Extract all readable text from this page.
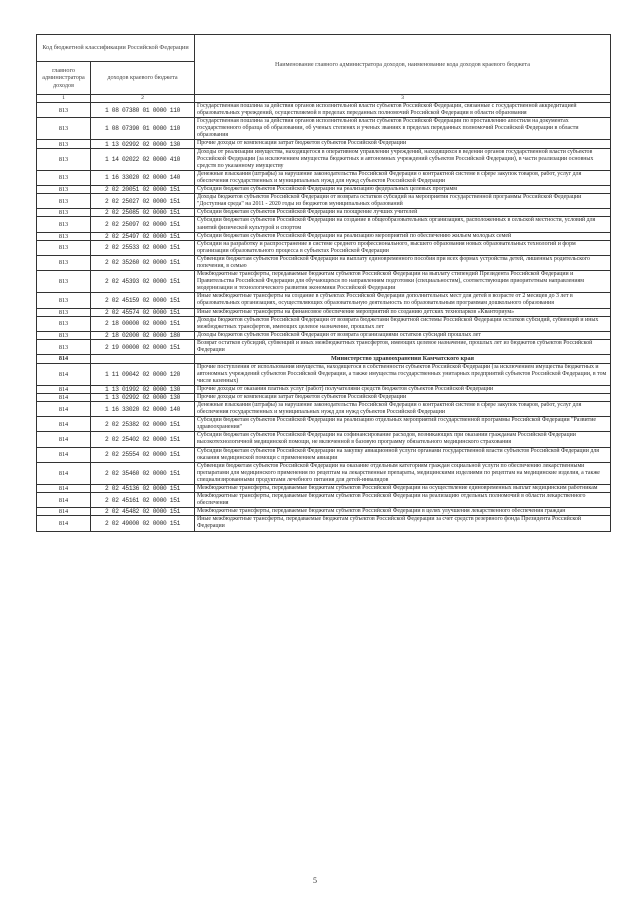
Код бюджетной классификации Российской Федерации		Наименование главного администратора доходов, наименование кода доходов краевого бюджета
главного администратора доходов	доходов краевого бюджета	
1	2	3
813	1 08 07380 01 0000 110	Государственная пошлина за действия органов исполнительной власти субъектов Российской Федерации, связанные с государственной аккредитацией образовательных учреждений, осуществляемой в пределах переданных полномочий Российской Федерации в области образования
813	1 08 07390 01 0000 110	Государственная пошлина за действия органов исполнительной власти субъектов Российской Федерации по проставлению апостиля на документах государственного образца об образовании, об ученых степенях и ученых званиях в пределах переданных полномочий Российской Федерации в области образования
813	1 13 02992 02 0000 130	Прочие доходы от компенсации затрат бюджетов субъектов Российской Федерации
813	1 14 02022 02 0000 410	Доходы от реализации имущества, находящегося в оперативном управлении учреждений, находящихся в ведении органов государственной власти субъектов Российской Федерации (за исключением имущества бюджетных и автономных учреждений субъектов Российской Федерации), в части реализации основных средств по указанному имуществу
813	1 16 33020 02 0000 140	Денежные взыскания (штрафы) за нарушение законодательства Российской Федерации о контрактной системе в сфере закупок товаров, работ, услуг для обеспечения государственных и муниципальных нужд для нужд субъектов Российской Федерации
813	2 02 20051 02 0000 151	Субсидии бюджетам субъектов Российской Федерации на реализацию федеральных целевых программ
813	2 02 25027 02 0000 151	Доходы бюджетов субъектов Российской Федерации от возврата остатков субсидий на мероприятия государственной программы Российской Федерации "Доступная среда" на 2011 - 2020 годы из бюджетов муниципальных образований
813	2 02 25085 02 0000 151	Субсидии бюджетам субъектов Российской Федерации на поощрение лучших учителей
813	2 02 25097 02 0000 151	Субсидии бюджетам субъектов Российской Федерации на создание в общеобразовательных организациях, расположенных в сельской местности, условий для занятий физической культурой и спортом
813	2 02 25497 02 0000 151	Субсидии бюджетам субъектов Российской Федерации на реализацию мероприятий по обеспечению жильем молодых семей
813	2 02 25533 02 0000 151	Субсидии на разработку и распространение в системе среднего профессионального, высшего образования новых образовательных технологий и форм организации образовательного процесса в субъектах Российской Федерации
813	2 02 35260 02 0000 151	Субвенции бюджетам субъектов Российской Федерации на выплату единовременного пособия при всех формах устройства детей, лишенных родительского попечения, в семью
813	2 02 45393 02 0000 151	Межбюджетные трансферты, передаваемые бюджетам субъектов Российской Федерации на выплату стипендий Президента Российской Федерации и Правительства Российской Федерации для обучающихся по направлениям подготовки (специальностям), соответствующим приоритетным направлениям модернизации и технологического развития экономики Российской Федерации
813	2 02 45159 02 0000 151	Иные межбюджетные трансферты на создание в субъектах Российской Федерации дополнительных мест для детей в возрасте от 2 месяцев до 3 лет в образовательных организациях, осуществляющих образовательную деятельность по образовательным программам дошкольного образования
813	2 02 45574 02 0000 151	Иные межбюджетные трансферты на финансовое обеспечение мероприятий по созданию детских технопарков «Кванториум»
813	2 18 00000 02 0000 151	Доходы бюджетов субъектов Российской Федерации от возврата бюджетами бюджетной системы Российской Федерации остатков субсидий, субвенций и иных межбюджетных трансфертов, имеющих целевое назначение, прошлых лет
813	2 18 02000 02 0000 180	Доходы бюджетов субъектов Российской Федерации от возврата организациями остатков субсидий прошлых лет
813	2 19 00000 02 0000 151	Возврат остатков субсидий, субвенций и иных межбюджетных трансфертов, имеющих целевое назначение, прошлых лет из бюджетов субъектов Российской Федерации
814		Министерство здравоохранения Камчатского края
814	1 11 09042 02 0000 120	Прочие поступления от использования имущества, находящегося в собственности субъектов Российской Федерации (за исключением имущества бюджетных и автономных учреждений субъектов Российской Федерации, а также имущества государственных унитарных предприятий субъектов Российской Федерации, в том числе казенных)
814	1 13 01992 02 0000 130	Прочие доходы от оказания платных услуг (работ) получателями средств бюджетов субъектов Российской Федерации
814	1 13 02992 02 0000 130	Прочие доходы от компенсации затрат бюджетов субъектов Российской Федерации
814	1 16 33020 02 0000 140	Денежные взыскания (штрафы) за нарушение законодательства Российской Федерации о контрактной системе в сфере закупок товаров, работ, услуг для обеспечения государственных и муниципальных нужд для нужд субъектов Российской Федерации
814	2 02 25382 02 0000 151	Субсидии бюджетам субъектов Российской Федерации на реализацию отдельных мероприятий государственной программы Российской Федерации "Развитие здравоохранения"
814	2 02 25402 02 0000 151	Субсидии бюджетам субъектов Российской Федерации на софинансирование расходов, возникающих при оказании гражданам Российской Федерации высокотехнологичной медицинской помощи, не включенной в базовую программу обязательного медицинского страхования
814	2 02 25554 02 0000 151	Субсидии бюджетам субъектов Российской Федерации на закупку авиационной услуги органами государственной власти субъектов Российской Федерации для оказания медицинской помощи с применением авиации
814	2 02 35460 02 0000 151	Субвенции бюджетам субъектов Российской Федерации на оказание отдельным категориям граждан социальной услуги по обеспечению лекарственными препаратами для медицинского применения по рецептам на лекарственные препараты, медицинскими изделиями по рецептам на медицинские изделия, а также специализированными продуктами лечебного питания для детей-инвалидов
814	2 02 45136 02 0000 151	Межбюджетные трансферты, передаваемые бюджетам субъектов Российской Федерации на осуществление единовременных выплат медицинским работникам
814	2 02 45161 02 0000 151	Межбюджетные трансферты, передаваемые бюджетам субъектов Российской Федерации на реализацию отдельных полномочий в области лекарственного обеспечения
814	2 02 45482 02 0000 151	Межбюджетные трансферты, передаваемые бюджетам субъектов Российской Федерации в целях улучшения лекарственного обеспечения граждан
814	2 02 49000 02 0000 151	Иные межбюджетные трансферты, передаваемые бюджетам субъектов Российской Федерации за счет средств резервного фонда Президента Российской Федерации
5
